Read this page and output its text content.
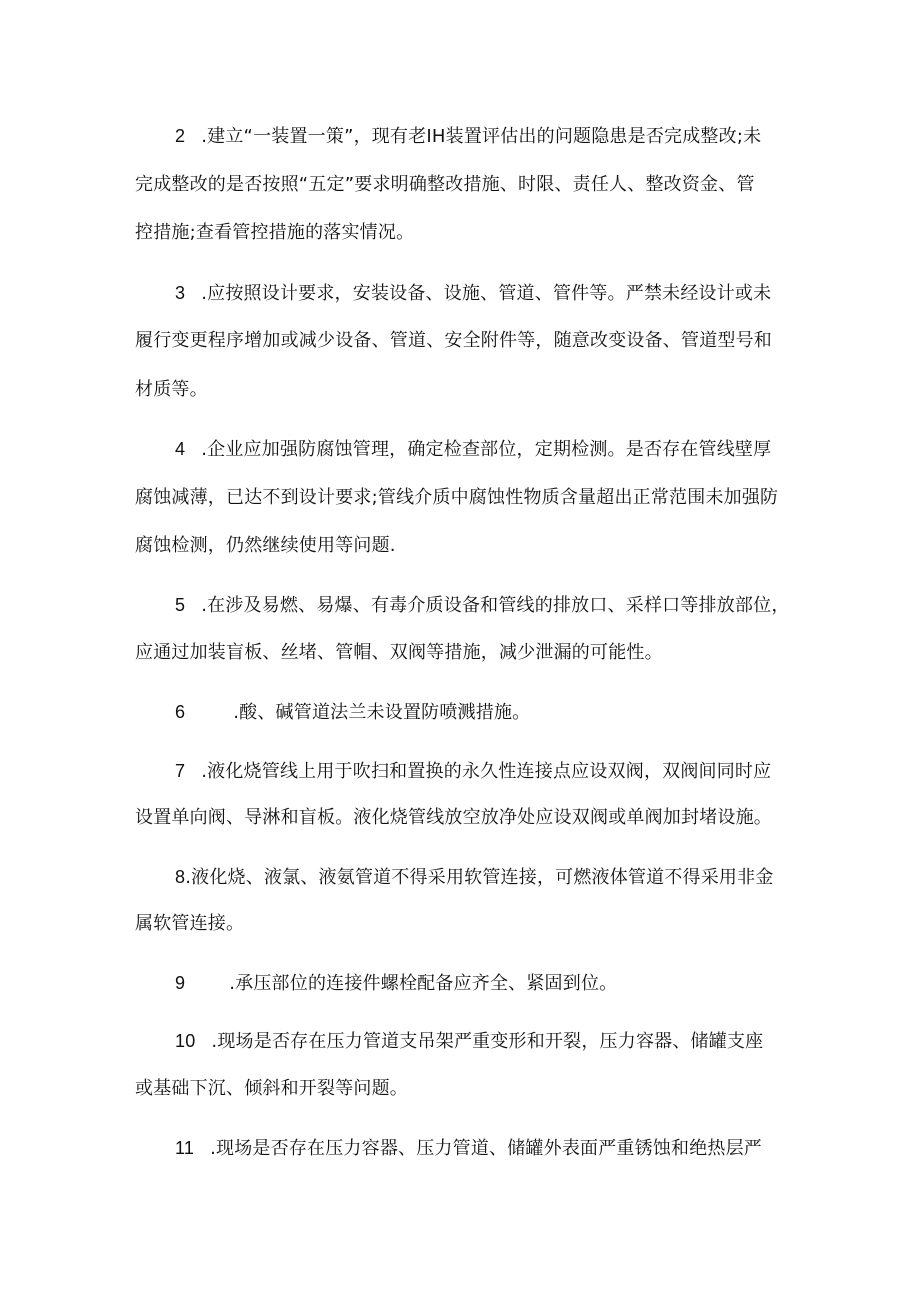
2 .建立“一装置一策”，现有老IH装置评估出的问题隐患是否完成整改;未
完成整改的是否按照“五定”要求明确整改措施、时限、责任人、整改资金、管
控措施;查看管控措施的落实情况。
3 .应按照设计要求，安装设备、设施、管道、管件等。严禁未经设计或未
履行变更程序增加或减少设备、管道、安全附件等，随意改变设备、管道型号和
材质等。
4 .企业应加强防腐蚀管理，确定检查部位，定期检测。是否存在管线壁厚
腐蚀减薄，已达不到设计要求;管线介质中腐蚀性物质含量超出正常范围未加强防
腐蚀检测，仍然继续使用等问题.
5 .在涉及易燃、易爆、有毒介质设备和管线的排放口、采样口等排放部位，
应通过加装盲板、丝堵、管帽、双阀等措施，减少泄漏的可能性。
6	.酸、碱管道法兰未设置防喷溅措施。
7 .液化烧管线上用于吹扫和置换的永久性连接点应设双阀，双阀间同时应
设置单向阀、导淋和盲板。液化烧管线放空放净处应设双阀或单阀加封堵设施。
8.液化烧、液氯、液氨管道不得采用软管连接，可燃液体管道不得采用非金
属软管连接。
9 .承压部位的连接件螺栓配备应齐全、紧固到位。
10 .现场是否存在压力管道支吊架严重变形和开裂，压力容器、储罐支座
或基础下沉、倾斜和开裂等问题。
11 .现场是否存在压力容器、压力管道、储罐外表面严重锈蚀和绝热层严
